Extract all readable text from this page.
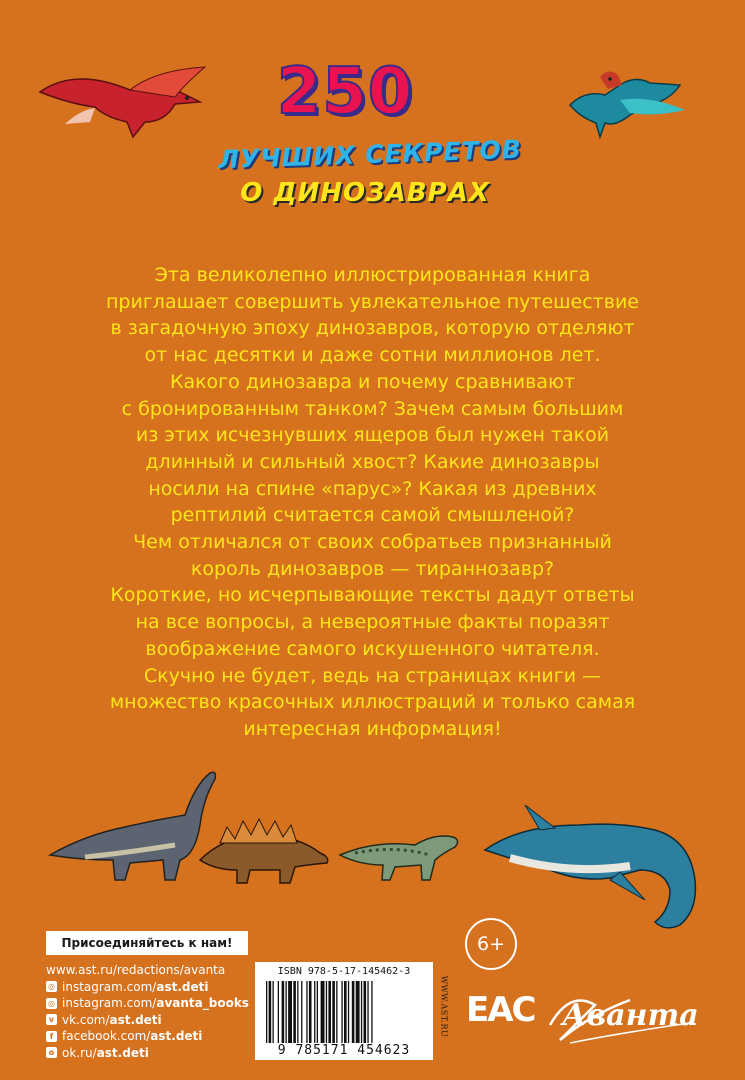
250
ЛУЧШИХ СЕКРЕТОВ
О ДИНОЗАВРАХ

Эта великолепно иллюстрированная книга
приглашает совершить увлекательное путешествие
в загадочную эпоху динозавров, которую отделяют
от нас десятки и даже сотни миллионов лет.
Какого динозавра и почему сравнивают
с бронированным танком? Зачем самым большим
из этих исчезнувших ящеров был нужен такой
длинный и сильный хвост? Какие динозавры
носили на спине «парус»? Какая из древних
рептилий считается самой смышленой?
Чем отличался от своих собратьев признанный
король динозавров — тираннозавр?
Короткие, но исчерпывающие тексты дадут ответы
на все вопросы, а невероятные факты поразят
воображение самого искушенного читателя.
Скучно не будет, ведь на страницах книги —
множество красочных иллюстраций и только самая
интересная информация!

Присоединяйтесь к нам!
www.ast.ru/redactions/avanta
◎ instagram.com/ ast.deti
◎ instagram.com/ avanta_books
v vk.com/ ast.deti
f facebook.com/ ast.deti
o ok.ru/ ast.deti
ISBN 978-5-17-145462-3
9 785171 454623
WWW.AST.RU
6+
EAC Аванта
